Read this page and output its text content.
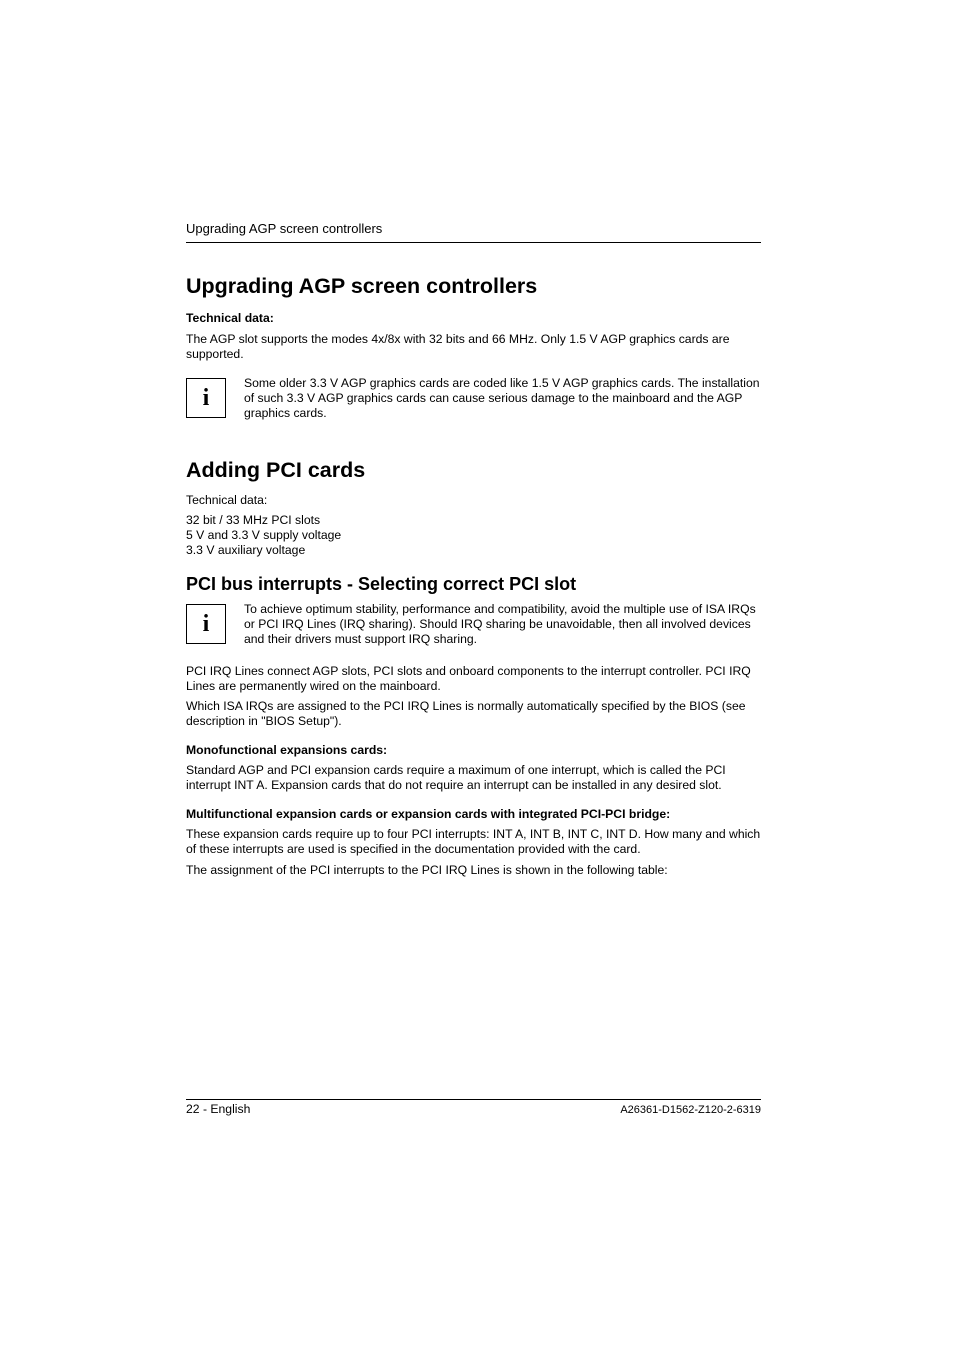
Upgrading AGP screen controllers
Upgrading AGP screen controllers
Technical data:

The AGP slot supports the modes 4x/8x with 32 bits and 66 MHz. Only 1.5 V AGP graphics cards are supported.

i
Some older 3.3 V AGP graphics cards are coded like 1.5 V AGP graphics cards. The installation of such 3.3 V AGP graphics cards can cause serious damage to the mainboard and the AGP graphics cards.
Adding PCI cards

Technical data:

32 bit / 33 MHz PCI slots

5 V and 3.3 V supply voltage

3.3 V auxiliary voltage

PCI bus interrupts - Selecting correct PCI slot
i
To achieve optimum stability, performance and compatibility, avoid the multiple use of ISA IRQs or PCI IRQ Lines (IRQ sharing). Should IRQ sharing be unavoidable, then all involved devices and their drivers must support IRQ sharing.

PCI IRQ Lines connect AGP slots, PCI slots and onboard components to the interrupt controller. PCI IRQ Lines are permanently wired on the mainboard.

Which ISA IRQs are assigned to the PCI IRQ Lines is normally automatically specified by the BIOS (see description in "BIOS Setup").

Monofunctional expansions cards:

Standard AGP and PCI expansion cards require a maximum of one interrupt, which is called the PCI interrupt INT A. Expansion cards that do not require an interrupt can be installed in any desired slot.

Multifunctional expansion cards or expansion cards with integrated PCI-PCI bridge:

These expansion cards require up to four PCI interrupts: INT A, INT B, INT C, INT D. How many and which of these interrupts are used is specified in the documentation provided with the card.

The assignment of the PCI interrupts to the PCI IRQ Lines is shown in the following table:

22 - English	A26361-D1562-Z120-2-6319
